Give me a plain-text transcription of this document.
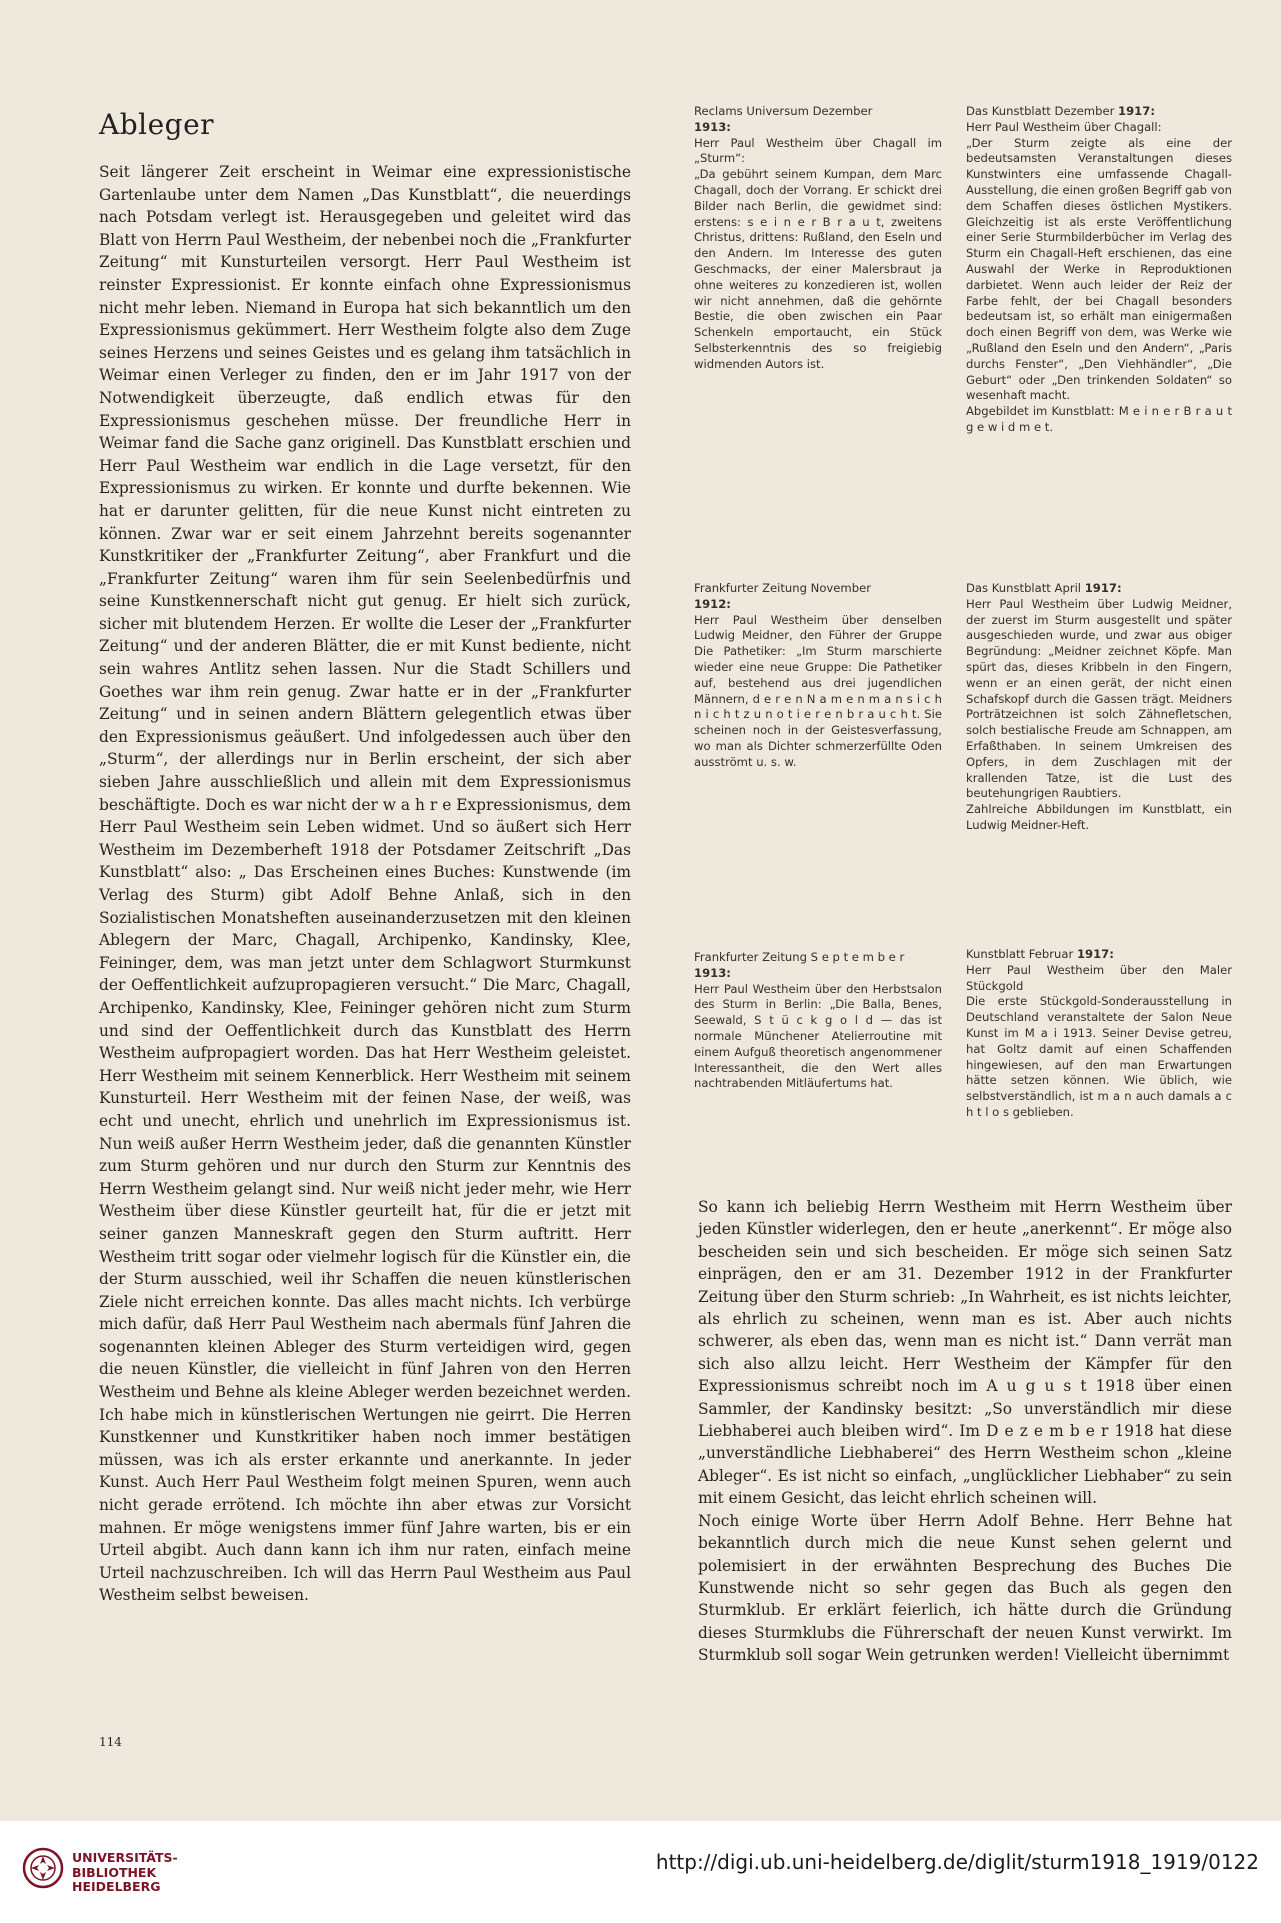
Ableger

Seit längerer Zeit erscheint in Weimar eine expressionistische Gartenlaube unter dem Namen „Das Kunstblatt“, die neuerdings nach Potsdam verlegt ist. Herausgegeben und geleitet wird das Blatt von Herrn Paul Westheim, der nebenbei noch die „Frankfurter Zeitung“ mit Kunsturteilen versorgt. Herr Paul Westheim ist reinster Expressionist. Er konnte einfach ohne Expressionismus nicht mehr leben. Niemand in Europa hat sich bekanntlich um den Expressionismus gekümmert. Herr Westheim folgte also dem Zuge seines Herzens und seines Geistes und es gelang ihm tatsächlich in Weimar einen Verleger zu finden, den er im Jahr 1917 von der Notwendigkeit überzeugte, daß endlich etwas für den Expressionismus geschehen müsse. Der freundliche Herr in Weimar fand die Sache ganz originell. Das Kunstblatt erschien und Herr Paul Westheim war endlich in die Lage versetzt, für den Expressionismus zu wirken. Er konnte und durfte bekennen. Wie hat er darunter gelitten, für die neue Kunst nicht eintreten zu können. Zwar war er seit einem Jahrzehnt bereits sogenannter Kunstkritiker der „Frankfurter Zeitung“, aber Frankfurt und die „Frankfurter Zeitung“ waren ihm für sein Seelenbedürfnis und seine Kunstkennerschaft nicht gut genug. Er hielt sich zurück, sicher mit blutendem Herzen. Er wollte die Leser der „Frankfurter Zeitung“ und der anderen Blätter, die er mit Kunst bediente, nicht sein wahres Antlitz sehen lassen. Nur die Stadt Schillers und Goethes war ihm rein genug. Zwar hatte er in der „Frankfurter Zeitung“ und in seinen andern Blättern gelegentlich etwas über den Expressionismus geäußert. Und infolgedessen auch über den „Sturm“, der allerdings nur in Berlin erscheint, der sich aber sieben Jahre ausschließlich und allein mit dem Expressionismus beschäftigte. Doch es war nicht der w a h r e Expressionismus, dem Herr Paul Westheim sein Leben widmet. Und so äußert sich Herr Westheim im Dezemberheft 1918 der Potsdamer Zeitschrift „Das Kunstblatt“ also: „ Das Erscheinen eines Buches: Kunstwende (im Verlag des Sturm) gibt Adolf Behne Anlaß, sich in den Sozialistischen Monatsheften auseinanderzusetzen mit den kleinen Ablegern der Marc, Chagall, Archipenko, Kandinsky, Klee, Feininger, dem, was man jetzt unter dem Schlagwort Sturmkunst der Oeffentlichkeit aufzupropagieren versucht.“ Die Marc, Chagall, Archipenko, Kandinsky, Klee, Feininger gehören nicht zum Sturm und sind der Oeffentlichkeit durch das Kunstblatt des Herrn Westheim aufpropagiert worden. Das hat Herr Westheim geleistet. Herr Westheim mit seinem Kennerblick. Herr Westheim mit seinem Kunsturteil. Herr Westheim mit der feinen Nase, der weiß, was echt und unecht, ehrlich und unehrlich im Expressionismus ist. Nun weiß außer Herrn Westheim jeder, daß die genannten Künstler zum Sturm gehören und nur durch den Sturm zur Kenntnis des Herrn Westheim gelangt sind. Nur weiß nicht jeder mehr, wie Herr Westheim über diese Künstler geurteilt hat, für die er jetzt mit seiner ganzen Manneskraft gegen den Sturm auftritt. Herr Westheim tritt sogar oder vielmehr logisch für die Künstler ein, die der Sturm ausschied, weil ihr Schaffen die neuen künstlerischen Ziele nicht erreichen konnte. Das alles macht nichts. Ich verbürge mich dafür, daß Herr Paul Westheim nach abermals fünf Jahren die sogenannten kleinen Ableger des Sturm verteidigen wird, gegen die neuen Künstler, die vielleicht in fünf Jahren von den Herren Westheim und Behne als kleine Ableger werden bezeichnet werden. Ich habe mich in künstlerischen Wertungen nie geirrt. Die Herren Kunstkenner und Kunstkritiker haben noch immer bestätigen müssen, was ich als erster erkannte und anerkannte. In jeder Kunst. Auch Herr Paul Westheim folgt meinen Spuren, wenn auch nicht gerade errötend. Ich möchte ihn aber etwas zur Vorsicht mahnen. Er möge wenigstens immer fünf Jahre warten, bis er ein Urteil abgibt. Auch dann kann ich ihm nur raten, einfach meine Urteil nachzuschreiben. Ich will das Herrn Paul Westheim aus Paul Westheim selbst beweisen.

Reclams Universum Dezember
1913:
Herr Paul Westheim über Chagall im „Sturm“:
„Da gebührt seinem Kumpan, dem Marc Chagall, doch der Vorrang. Er schickt drei Bilder nach Berlin, die gewidmet sind: erstens: s e i n e r B r a u t, zweitens Christus, drittens: Rußland, den Eseln und den Andern. Im Interesse des guten Geschmacks, der einer Malersbraut ja ohne weiteres zu konzedieren ist, wollen wir nicht annehmen, daß die gehörnte Bestie, die oben zwischen ein Paar Schenkeln emportaucht, ein Stück Selbsterkenntnis des so freigiebig widmenden Autors ist.
Das Kunstblatt Dezember 1917:
Herr Paul Westheim über Chagall:
„Der Sturm zeigte als eine der bedeutsamsten Veranstaltungen dieses Kunstwinters eine umfassende Chagall-Ausstellung, die einen großen Begriff gab von dem Schaffen dieses östlichen Mystikers. Gleichzeitig ist als erste Veröffentlichung einer Serie Sturmbilderbücher im Verlag des Sturm ein Chagall-Heft erschienen, das eine Auswahl der Werke in Reproduktionen darbietet. Wenn auch leider der Reiz der Farbe fehlt, der bei Chagall besonders bedeutsam ist, so erhält man einigermaßen doch einen Begriff von dem, was Werke wie „Rußland den Eseln und den Andern“, „Paris durchs Fenster“, „Den Viehhändler“, „Die Geburt“ oder „Den trinkenden Soldaten“ so wesenhaft macht.
Abgebildet im Kunstblatt: M e i n e r B r a u t g e w i d m e t.
Frankfurter Zeitung November
1912:
Herr Paul Westheim über denselben Ludwig Meidner, den Führer der Gruppe Die Pathetiker: „Im Sturm marschierte wieder eine neue Gruppe: Die Pathetiker auf, bestehend aus drei jugendlichen Männern, d e r e n N a m e n m a n s i c h n i c h t z u n o t i e r e n b r a u c h t. Sie scheinen noch in der Geistesverfassung, wo man als Dichter schmerzerfüllte Oden ausströmt u. s. w.
Das Kunstblatt April 1917:
Herr Paul Westheim über Ludwig Meidner, der zuerst im Sturm ausgestellt und später ausgeschieden wurde, und zwar aus obiger Begründung: „Meidner zeichnet Köpfe. Man spürt das, dieses Kribbeln in den Fingern, wenn er an einen gerät, der nicht einen Schafskopf durch die Gassen trägt. Meidners Porträtzeichnen ist solch Zähnefletschen, solch bestialische Freude am Schnappen, am Erfaßthaben. In seinem Umkreisen des Opfers, in dem Zuschlagen mit der krallenden Tatze, ist die Lust des beutehungrigen Raubtiers.
Zahlreiche Abbildungen im Kunstblatt, ein Ludwig Meidner-Heft.
Frankfurter Zeitung S e p t e m b e r
1913:
Herr Paul Westheim über den Herbstsalon des Sturm in Berlin: „Die Balla, Benes, Seewald, S t ü c k g o l d — das ist normale Münchener Atelierroutine mit einem Aufguß theoretisch angenommener Interessantheit, die den Wert alles nachtrabenden Mitläufertums hat.
Kunstblatt Februar 1917:
Herr Paul Westheim über den Maler Stückgold
Die erste Stückgold-Sonderausstellung in Deutschland veranstaltete der Salon Neue Kunst im M a i 1913. Seiner Devise getreu, hat Goltz damit auf einen Schaffenden hingewiesen, auf den man Erwartungen hätte setzen können. Wie üblich, wie selbstverständlich, ist m a n auch damals a c h t l o s geblieben.

So kann ich beliebig Herrn Westheim mit Herrn Westheim über jeden Künstler widerlegen, den er heute „anerkennt“. Er möge also bescheiden sein und sich bescheiden. Er möge sich seinen Satz einprägen, den er am 31. Dezember 1912 in der Frankfurter Zeitung über den Sturm schrieb: „In Wahrheit, es ist nichts leichter, als ehrlich zu scheinen, wenn man es ist. Aber auch nichts schwerer, als eben das, wenn man es nicht ist.“ Dann verrät man sich also allzu leicht. Herr Westheim der Kämpfer für den Expressionismus schreibt noch im A u g u s t 1918 über einen Sammler, der Kandinsky besitzt: „So unverständlich mir diese Liebhaberei auch bleiben wird“. Im D e z e m b e r 1918 hat diese „unverständliche Liebhaberei“ des Herrn Westheim schon „kleine Ableger“. Es ist nicht so einfach, „unglücklicher Liebhaber“ zu sein mit einem Gesicht, das leicht ehrlich scheinen will.
Noch einige Worte über Herrn Adolf Behne. Herr Behne hat bekanntlich durch mich die neue Kunst sehen gelernt und polemisiert in der erwähnten Besprechung des Buches Die Kunstwende nicht so sehr gegen das Buch als gegen den Sturmklub. Er erklärt feierlich, ich hätte durch die Gründung dieses Sturmklubs die Führerschaft der neuen Kunst verwirkt. Im Sturmklub soll sogar Wein getrunken werden! Vielleicht übernimmt

114
UNIVERSITÄTS-
BIBLIOTHEK
HEIDELBERG
http://digi.ub.uni-heidelberg.de/diglit/sturm1918_1919/0122
